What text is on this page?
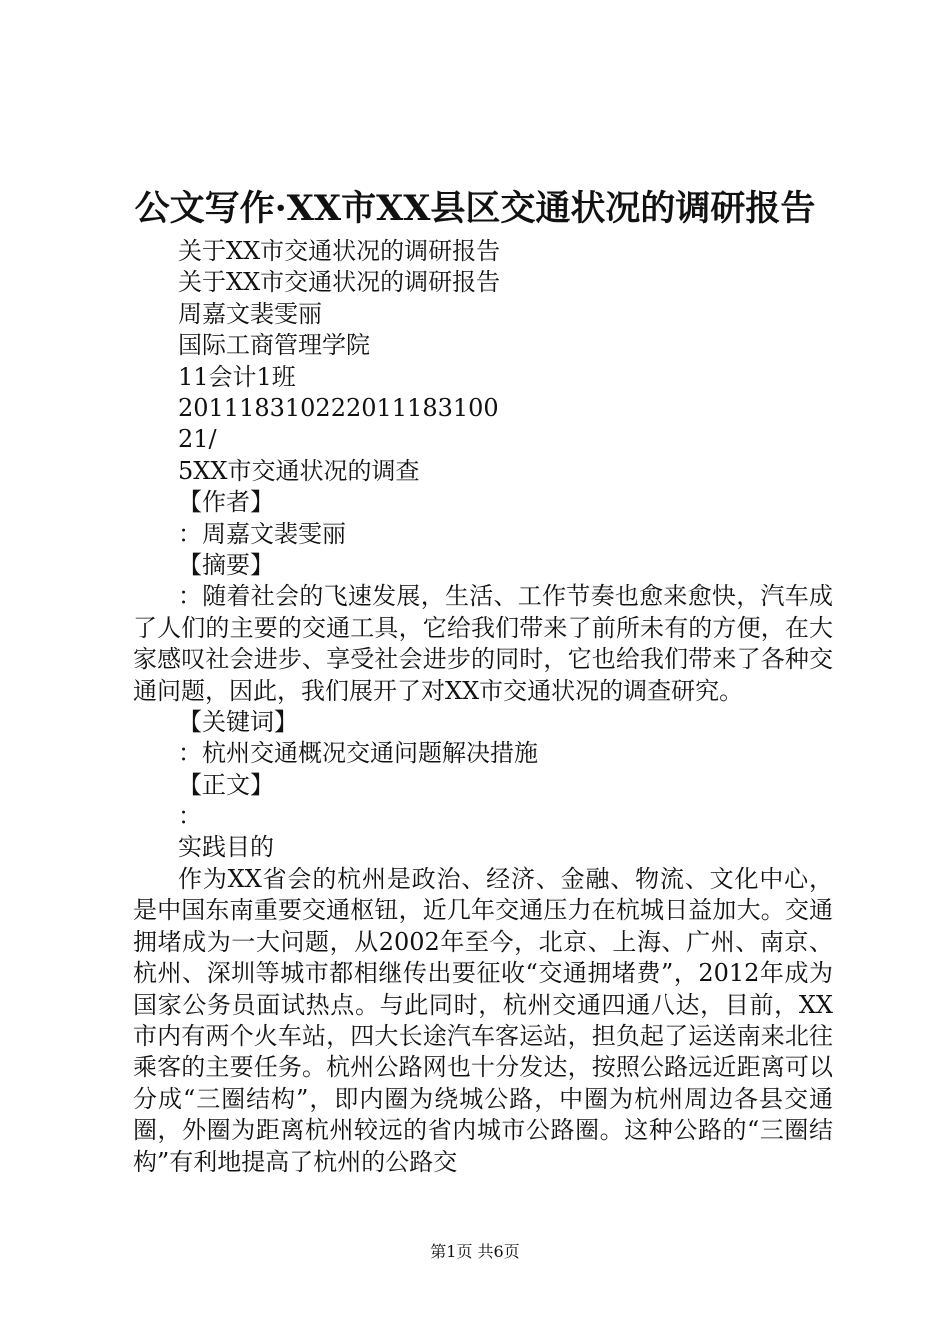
公文写作·XX市XX县区交通状况的调研报告
关于XX市交通状况的调研报告
关于XX市交通状况的调研报告
周嘉文裴雯丽
国际工商管理学院
11会计1班
201118310222011183100
21/
5XX市交通状况的调查
【作者】
：周嘉文裴雯丽
【摘要】
：随着社会的飞速发展，生活、工作节奏也愈来愈快，汽车成了人们的主要的交通工具，它给我们带来了前所未有的方便，在大家感叹社会进步、享受社会进步的同时，它也给我们带来了各种交通问题，因此，我们展开了对XX市交通状况的调查研究。
【关键词】
：杭州交通概况交通问题解决措施
【正文】
：
实践目的
作为XX省会的杭州是政治、经济、金融、物流、文化中心，是中国东南重要交通枢钮，近几年交通压力在杭城日益加大。交通拥堵成为一大问题，从2002年至今，北京、上海、广州、南京、杭州、深圳等城市都相继传出要征收“交通拥堵费”，2012年成为国家公务员面试热点。与此同时，杭州交通四通八达，目前，XX市内有两个火车站，四大长途汽车客运站，担负起了运送南来北往乘客的主要任务。杭州公路网也十分发达，按照公路远近距离可以分成“三圈结构”，即内圈为绕城公路，中圈为杭州周边各县交通圈，外圈为距离杭州较远的省内城市公路圈。这种公路的“三圈结构”有利地提高了杭州的公路交
第1页 共6页
